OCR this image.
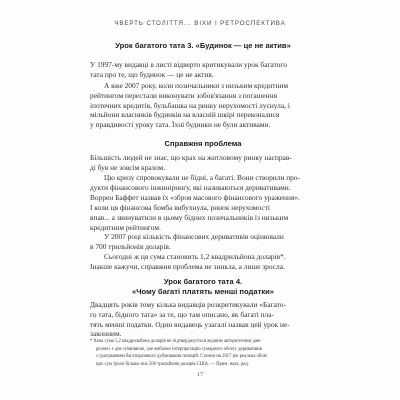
ЧВЕРТЬ СТОЛІТТЯ... ВІХИ І РЕТРОСПЕКТИВА
Урок багатого тата 3. «Будинок — це не актив»
У 1997-му видавці в листі відверто критикували урок багатого
тата про те, що будинок — це не актив.
А вже 2007 року, коли позичальники з низьким кредитним
рейтингом перестали виконувати зобов'язання з погашення
іпотечних кредитів, бульбашка на ринку нерухомості луснула, і
мільйони власників будинків на власній шкірі переконалися
у правдивості уроку тата. Їхні будинки не були активами.
Справжня проблема
Більшість людей не знає, що крах на житловому ринку насправ-
ді був не зовсім крахом.
Цю кризу спровокували не бідні, а багаті. Вони створили про-
дукти фінансового інжинірингу, які називаються деривативами.
Воррен Баффет назвав їх «зброя масового фінансового ураження».
І коли ця фінансова бомба вибухнула, ринок нерухомості
впав... а звинуватили в цьому бідних позичальників із низьким
кредитним рейтингом.
У 2007 році кількість фінансових деривативів оцінювали
в 700 трильйонів доларів.
Сьогодні ж ця сума становить 1,2 квадрильйона доларів*.
Інакше кажучи, справжня проблема не зникла, а лише зросла.
Урок багатого тата 4.
«Чому багаті платять менші податки»
Двадцять років тому кілька видавців розкритикували «Багато-
го тата, бідного тата» за те, що там описано, як багаті пла-
тять менші податки. Один видавець узагалі назвав цей урок не-
законним.
* Хоча сума 1,2 квадрильйона доларів не підтверджується жодним авторитетним дже-
релом і є дім сумнівною, але вибіжно інтерпретацію сумарного обсягу деривативів
з урахуванням багаторазового дублювання позицій. Станом на 2017 рік реальна обсяг
цих сум трохи більше ніж 500 трильйонів доларів США. — Прим. наук. ред.
17
